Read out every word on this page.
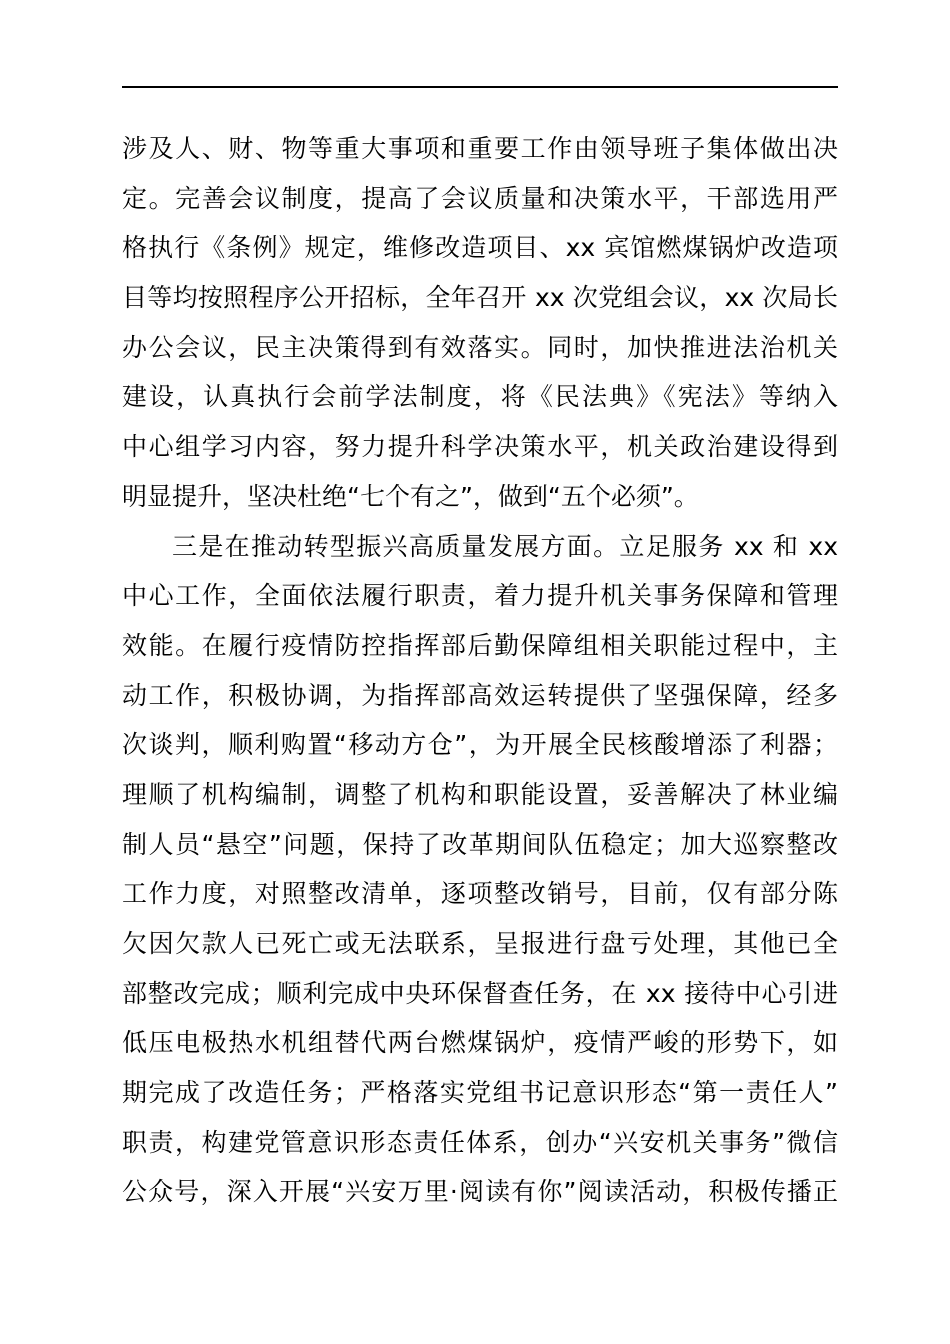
涉及人、财、物等重大事项和重要工作由领导班子集体做出决
定。完善会议制度，提高了会议质量和决策水平，干部选用严
格执行《条例》规定，维修改造项目、xx 宾馆燃煤锅炉改造项
目等均按照程序公开招标，全年召开 xx 次党组会议，xx 次局长
办公会议，民主决策得到有效落实。同时，加快推进法治机关
建设，认真执行会前学法制度，将《民法典》《宪法》等纳入
中心组学习内容，努力提升科学决策水平，机关政治建设得到
明显提升，坚决杜绝“七个有之”，做到“五个必须”。
三是在推动转型振兴高质量发展方面。立足服务 xx 和 xx
中心工作，全面依法履行职责，着力提升机关事务保障和管理
效能。在履行疫情防控指挥部后勤保障组相关职能过程中，主
动工作，积极协调，为指挥部高效运转提供了坚强保障，经多
次谈判，顺利购置“移动方仓”，为开展全民核酸增添了利器；
理顺了机构编制，调整了机构和职能设置，妥善解决了林业编
制人员“悬空”问题，保持了改革期间队伍稳定；加大巡察整改
工作力度，对照整改清单，逐项整改销号，目前，仅有部分陈
欠因欠款人已死亡或无法联系，呈报进行盘亏处理，其他已全
部整改完成；顺利完成中央环保督查任务，在 xx 接待中心引进
低压电极热水机组替代两台燃煤锅炉，疫情严峻的形势下，如
期完成了改造任务；严格落实党组书记意识形态“第一责任人”
职责，构建党管意识形态责任体系，创办“兴安机关事务”微信
公众号，深入开展“兴安万里·阅读有你”阅读活动，积极传播正
